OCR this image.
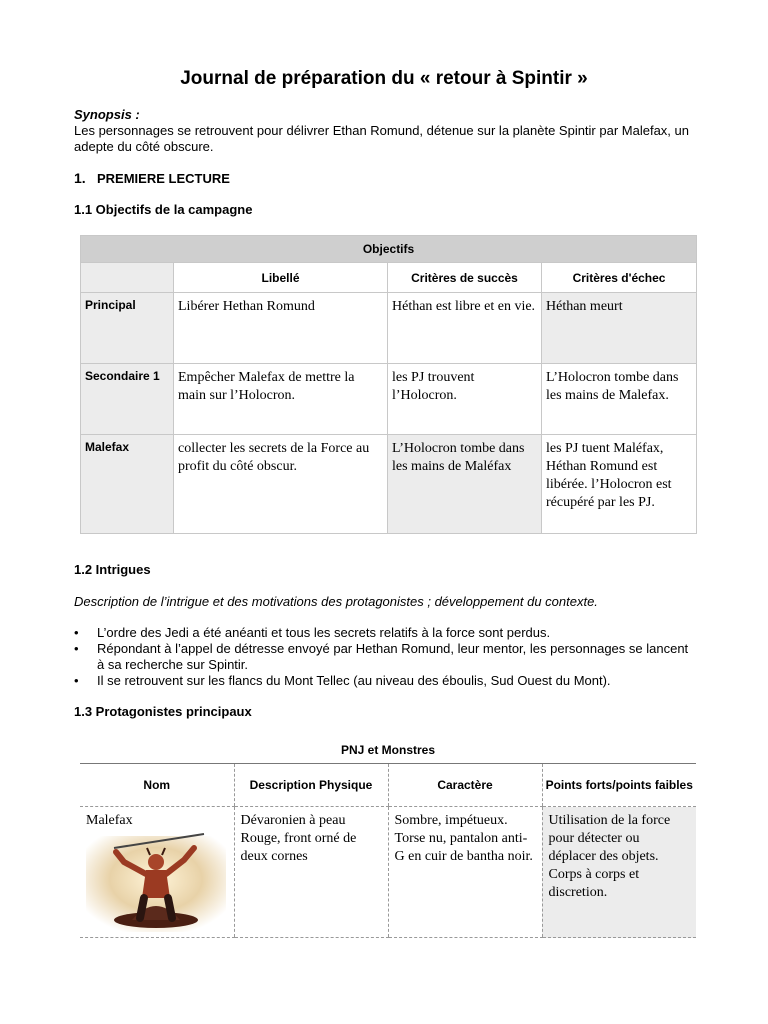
Journal de préparation du « retour à Spintir »
Synopsis :
Les personnages se retrouvent pour délivrer Ethan Romund, détenue sur la planète Spintir par Malefax, un adepte du côté obscure.
1. PREMIERE LECTURE
1.1 Objectifs de la campagne
Objectifs			
	Libellé	Critères de succès	Critères d'échec
Principal	Libérer Hethan Romund	Héthan est libre et en vie.	Héthan meurt
Secondaire 1	Empêcher Malefax de mettre la main sur l’Holocron.	les PJ trouvent l’Holocron.	L’Holocron tombe dans les mains de Malefax.
Malefax	collecter les secrets de la Force au profit du côté obscur.	L’Holocron tombe dans les mains de Maléfax	les PJ tuent Maléfax, Héthan Romund est libérée. l’Holocron est récupéré par les PJ.
1.2 Intrigues
Description de l’intrigue et des motivations des protagonistes ; développement du contexte.
• L’ordre des Jedi a été anéanti et tous les secrets relatifs à la force sont perdus.
• Répondant à l’appel de détresse envoyé par Hethan Romund, leur mentor, les personnages se lancent à sa recherche sur Spintir.
• Il se retrouvent sur les flancs du Mont Tellec (au niveau des éboulis, Sud Ouest du Mont).
1.3 Protagonistes principaux
PNJ et Monstres
Nom	Description Physique	Caractère	Points forts/points faibles
Malefax	Dévaronien à peau Rouge, front orné de deux cornes	Sombre, impétueux. Torse nu, pantalon anti-G en cuir de bantha noir.	Utilisation de la force pour détecter ou déplacer des objets. Corps à corps et discretion.
